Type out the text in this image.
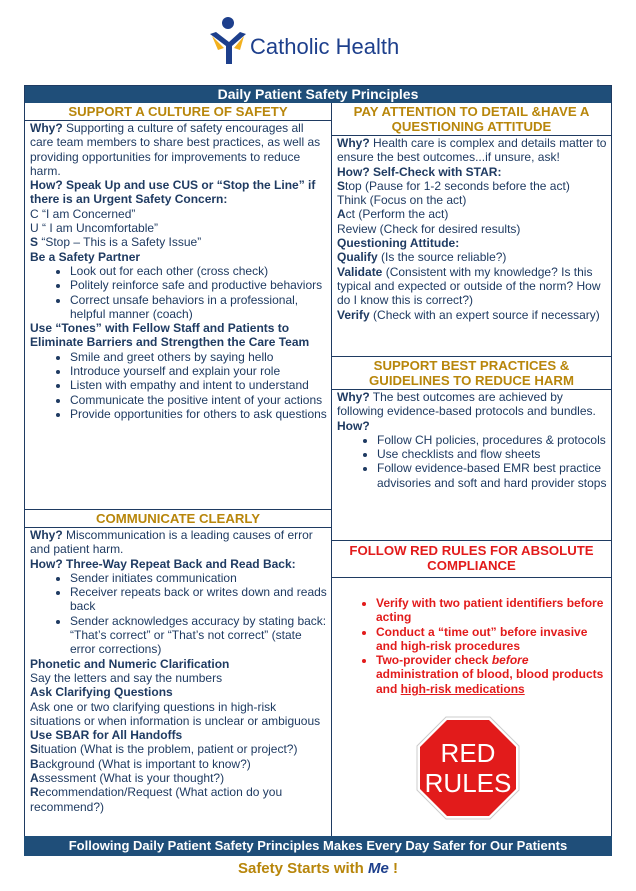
Catholic Health
Daily Patient Safety Principles
SUPPORT A CULTURE OF SAFETY
Why? Supporting a culture of safety encourages all care team members to share best practices, as well as providing opportunities for improvements to reduce harm.
How? Speak Up and use CUS or “Stop the Line” if there is an Urgent Safety Concern:
C “I am Concerned”
U “ I am Uncomfortable”
S “Stop – This is a Safety Issue”
Be a Safety Partner
• Look out for each other (cross check)
• Politely reinforce safe and productive behaviors
• Correct unsafe behaviors in a professional, helpful manner (coach)
Use “Tones” with Fellow Staff and Patients to Eliminate Barriers and Strengthen the Care Team
• Smile and greet others by saying hello
• Introduce yourself and explain your role
• Listen with empathy and intent to understand
• Communicate the positive intent of your actions
• Provide opportunities for others to ask questions
COMMUNICATE CLEARLY
Why? Miscommunication is a leading causes of error and patient harm.
How? Three-Way Repeat Back and Read Back:
• Sender initiates communication
• Receiver repeats back or writes down and reads back
• Sender acknowledges accuracy by stating back: “That’s correct” or “That’s not correct” (state error corrections)
Phonetic and Numeric Clarification
Say the letters and say the numbers
Ask Clarifying Questions
Ask one or two clarifying questions in high-risk situations or when information is unclear or ambiguous
Use SBAR for All Handoffs
Situation (What is the problem, patient or project?)
Background (What is important to know?)
Assessment (What is your thought?)
Recommendation/Request (What action do you recommend?)
PAY ATTENTION TO DETAIL &HAVE A QUESTIONING ATTITUDE
Why? Health care is complex and details matter to ensure the best outcomes...if unsure, ask!
How? Self-Check with STAR:
Stop (Pause for 1-2 seconds before the act)
Think (Focus on the act)
Act (Perform the act)
Review (Check for desired results)
Questioning Attitude:
Qualify (Is the source reliable?)
Validate (Consistent with my knowledge? Is this typical and expected or outside of the norm? How do I know this is correct?)
Verify (Check with an expert source if necessary)
SUPPORT BEST PRACTICES & GUIDELINES TO REDUCE HARM
Why? The best outcomes are achieved by following evidence-based protocols and bundles.
How?
• Follow CH policies, procedures & protocols
• Use checklists and flow sheets
• Follow evidence-based EMR best practice advisories and soft and hard provider stops
FOLLOW RED RULES FOR ABSOLUTE COMPLIANCE
• Verify with two patient identifiers before acting
• Conduct a “time out” before invasive and high-risk procedures
• Two-provider check before administration of blood, blood products and high-risk medications
RED
RULES
Following Daily Patient Safety Principles Makes Every Day Safer for Our Patients
Safety Starts with Me !
